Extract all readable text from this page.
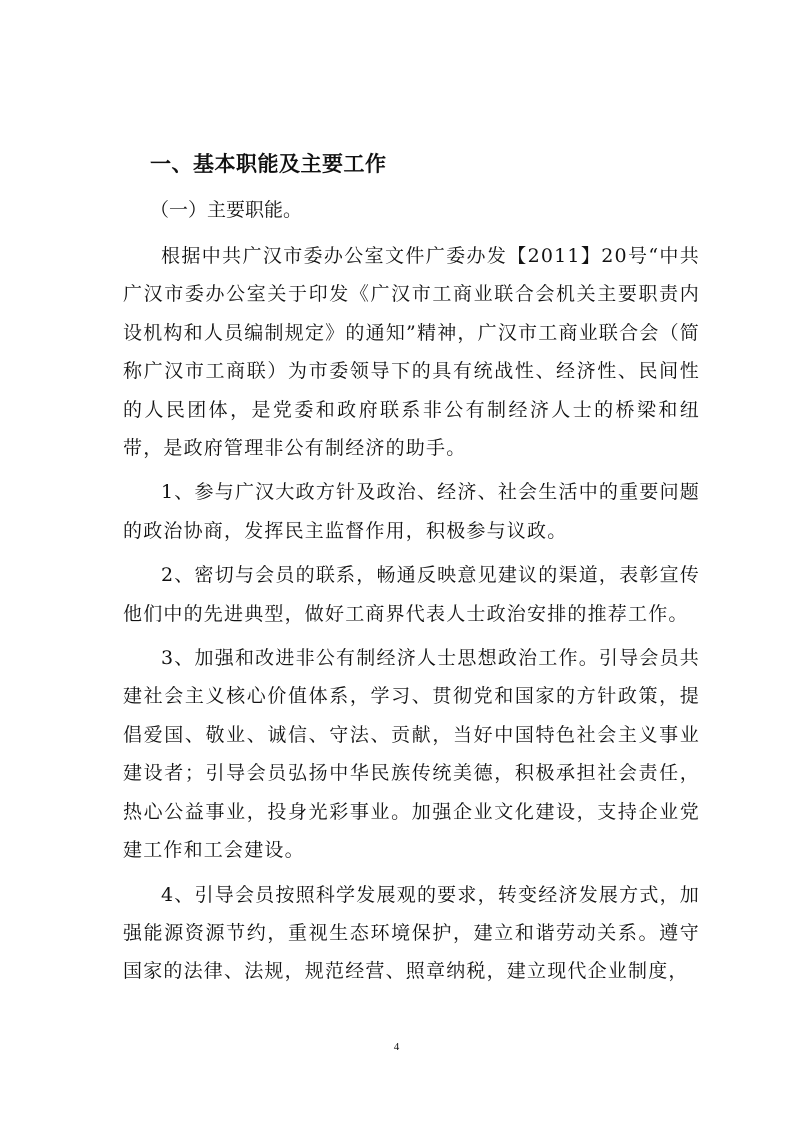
一、基本职能及主要工作
（一）主要职能。

根据中共广汉市委办公室文件广委办发【2011】20号“中共广汉市委办公室关于印发《广汉市工商业联合会机关主要职责内设机构和人员编制规定》的通知”精神，广汉市工商业联合会（简称广汉市工商联）为市委领导下的具有统战性、经济性、民间性的人民团体，是党委和政府联系非公有制经济人士的桥梁和纽带，是政府管理非公有制经济的助手。

1、参与广汉大政方针及政治、经济、社会生活中的重要问题的政治协商，发挥民主监督作用，积极参与议政。

2、密切与会员的联系，畅通反映意见建议的渠道，表彰宣传他们中的先进典型，做好工商界代表人士政治安排的推荐工作。

3、加强和改进非公有制经济人士思想政治工作。引导会员共建社会主义核心价值体系，学习、贯彻党和国家的方针政策，提倡爱国、敬业、诚信、守法、贡献，当好中国特色社会主义事业建设者；引导会员弘扬中华民族传统美德，积极承担社会责任，热心公益事业，投身光彩事业。加强企业文化建设，支持企业党建工作和工会建设。

4、引导会员按照科学发展观的要求，转变经济发展方式，加强能源资源节约，重视生态环境保护，建立和谐劳动关系。遵守国家的法律、法规，规范经营、照章纳税，建立现代企业制度，

4
